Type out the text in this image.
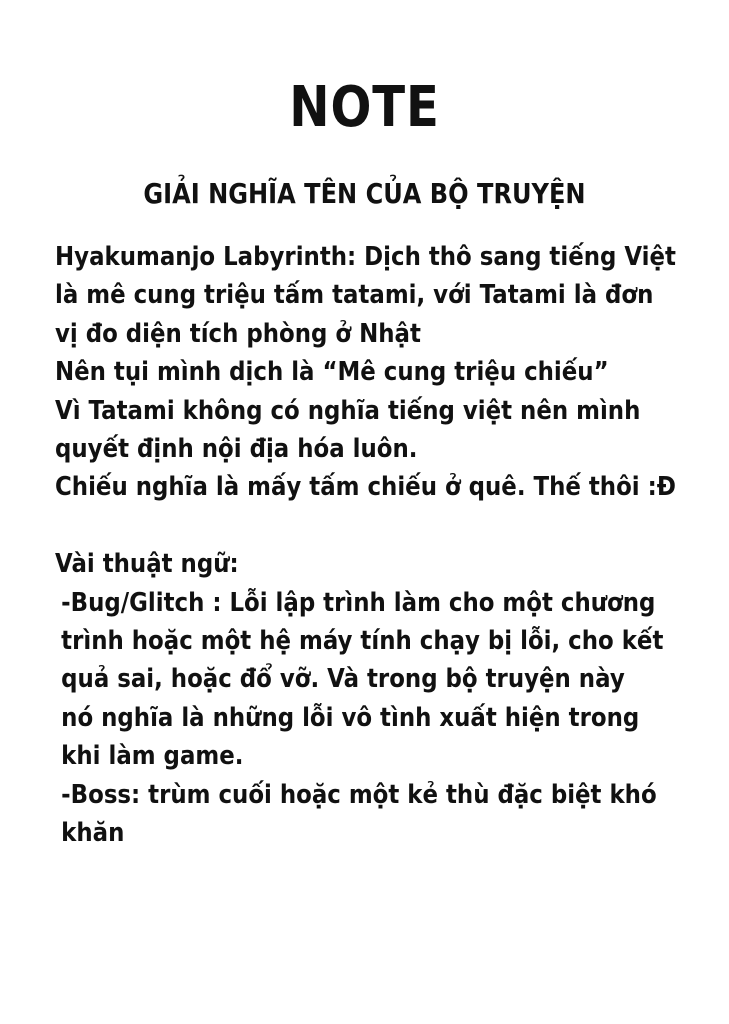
NOTE
GIẢI NGHĨA TÊN CỦA BỘ TRUYỆN
Hyakumanjo Labyrinth: Dịch thô sang tiếng Việt
là mê cung triệu tấm tatami, với Tatami là đơn
vị đo diện tích phòng ở Nhật
Nên tụi mình dịch là “Mê cung triệu chiếu”
Vì Tatami không có nghĩa tiếng việt nên mình
quyết định nội địa hóa luôn.
Chiếu nghĩa là mấy tấm chiếu ở quê. Thế thôi :Đ
Vài thuật ngữ:
-Bug/Glitch : Lỗi lập trình làm cho một chương
trình hoặc một hệ máy tính chạy bị lỗi, cho kết
quả sai, hoặc đổ vỡ. Và trong bộ truyện này
nó nghĩa là những lỗi vô tình xuất hiện trong
khi làm game.
-Boss: trùm cuối hoặc một kẻ thù đặc biệt khó
khăn
